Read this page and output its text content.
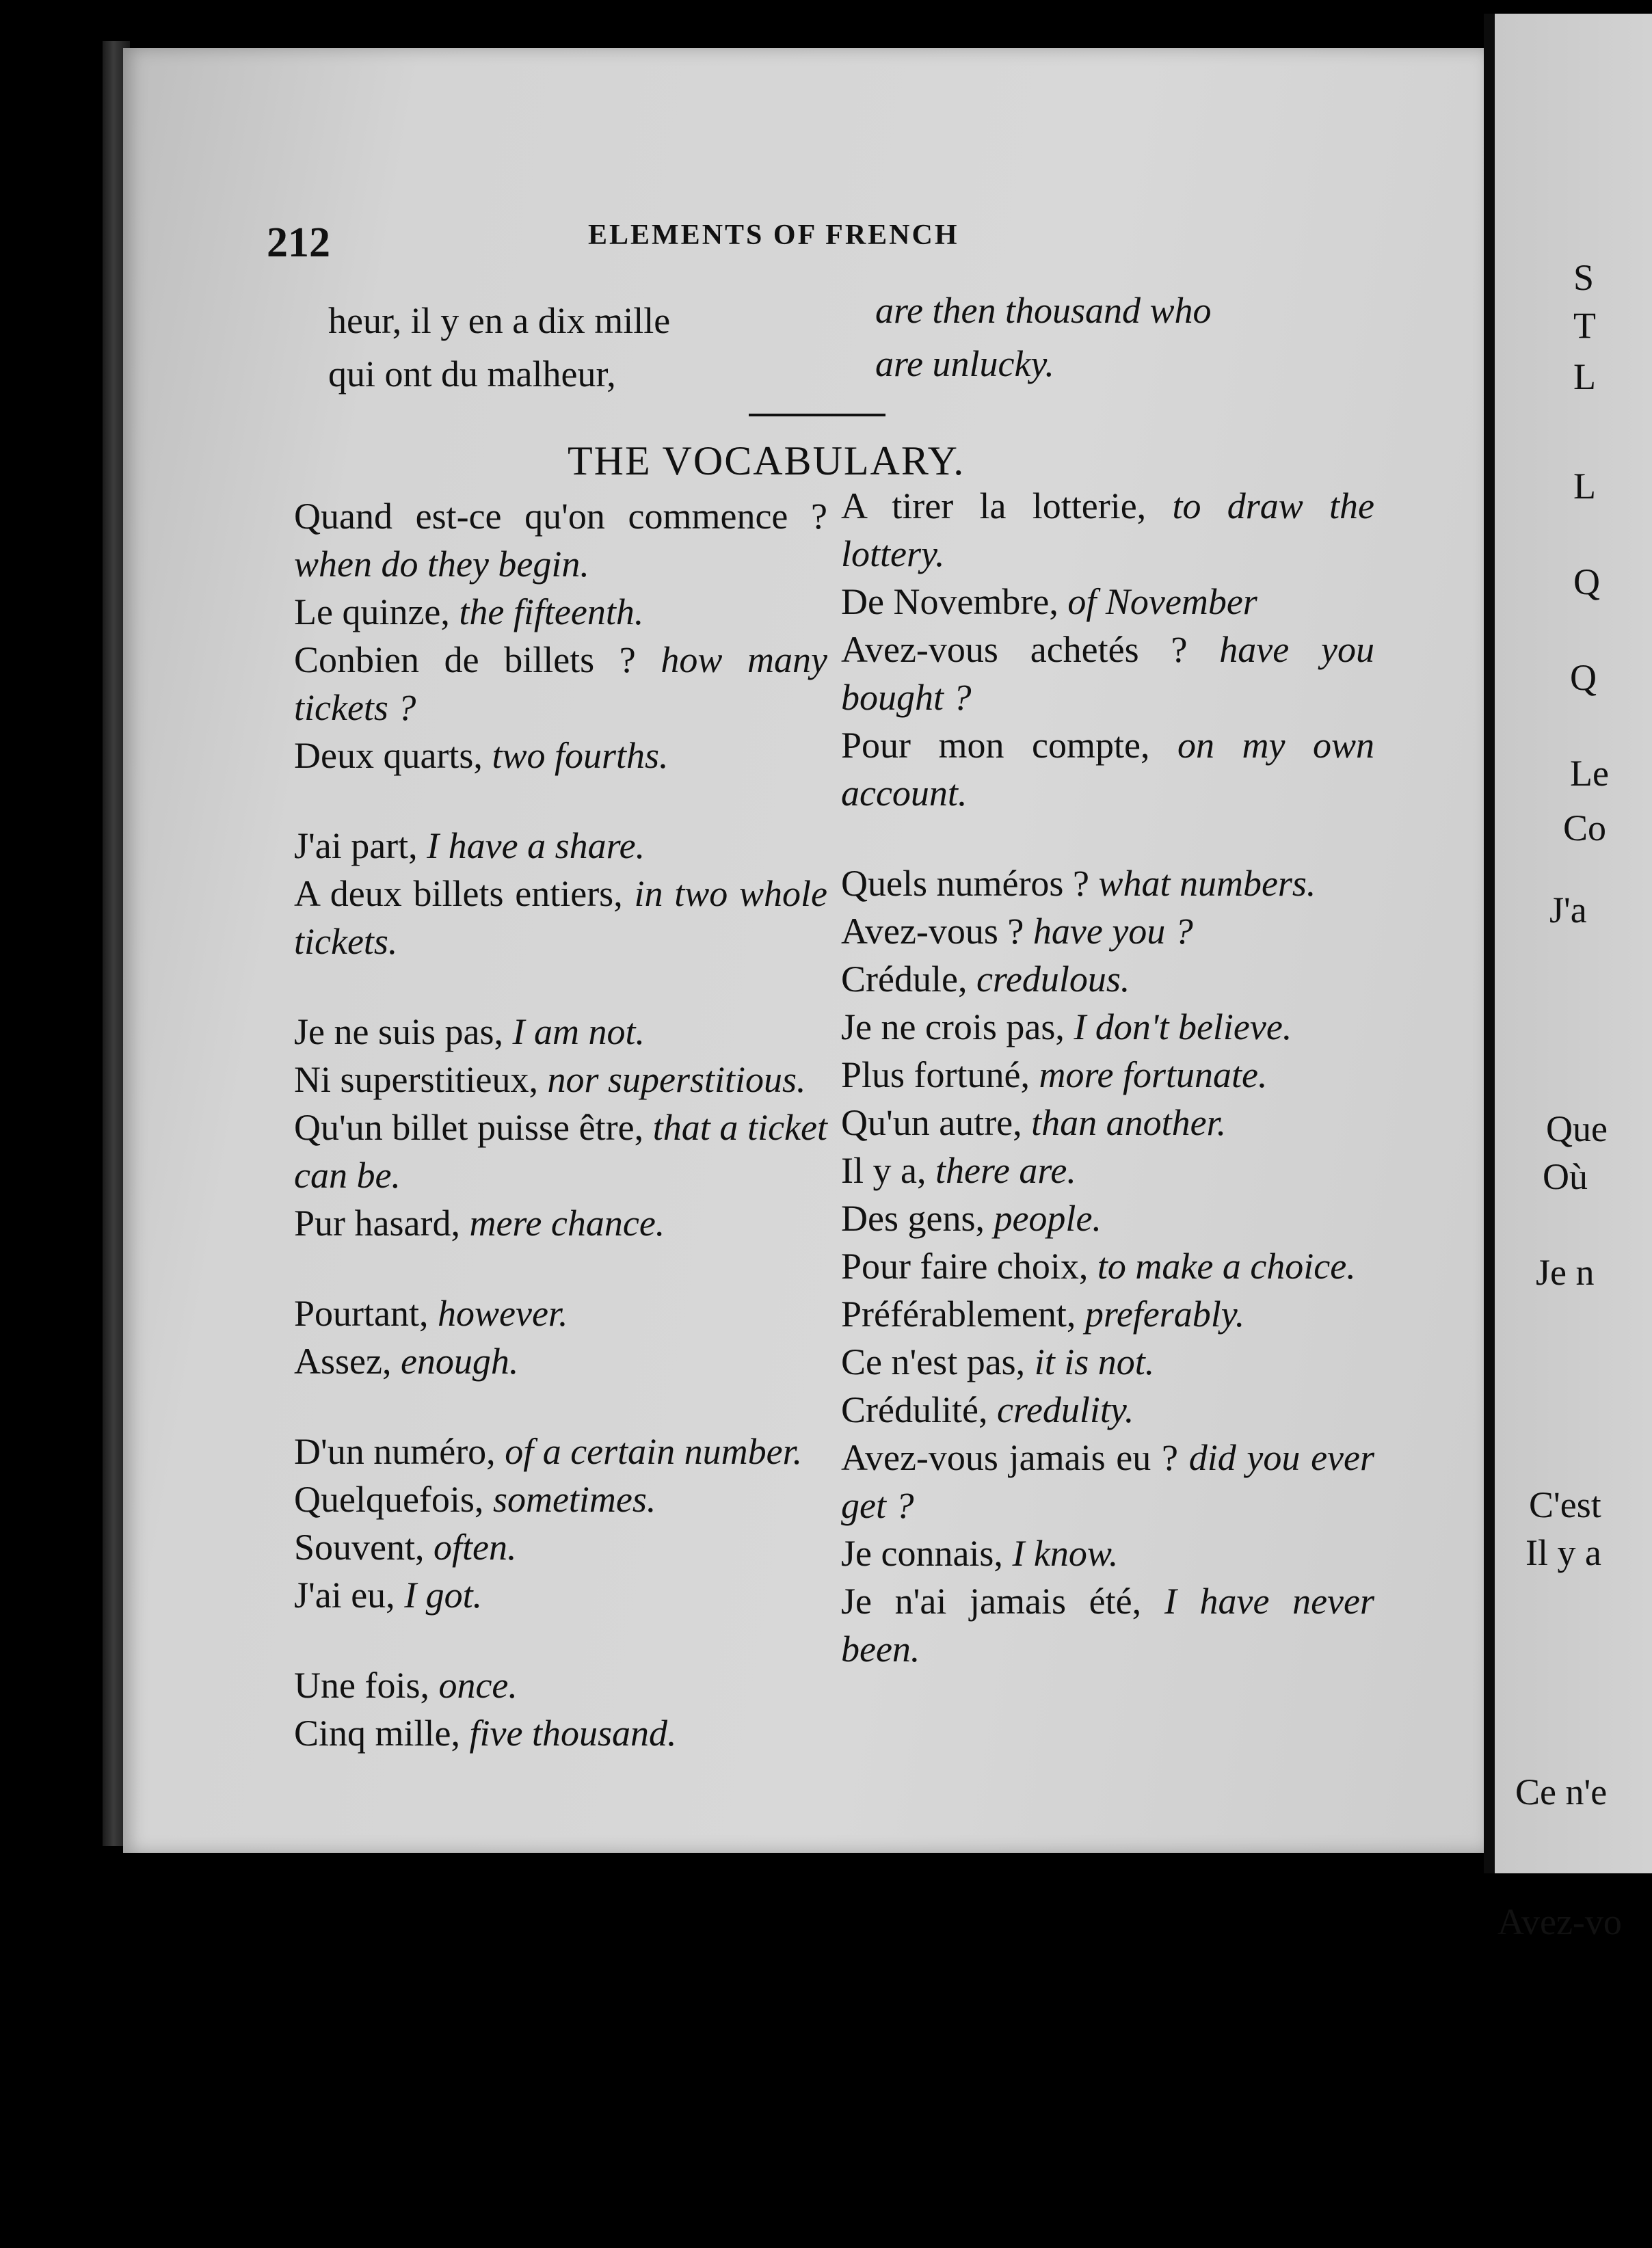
S
T
L
L
Q
Q
Le
Co
J'a
Que
Où
Je n
C'est
Il y a
Ce n'e
Avez-vo
212	ELEMENTS OF FRENCH
heur, il y en a dix mille
qui ont du malheur,
are then thousand who
are unlucky.
THE VOCABULARY.
Quand est-ce qu'on commence ? when do they begin.
Le quinze, the fifteenth.
Conbien de billets ? how many tickets ?
Deux quarts, two fourths.
J'ai part, I have a share.
A deux billets entiers, in two whole tickets.
Je ne suis pas, I am not.
Ni superstitieux, nor superstitious.
Qu'un billet puisse être, that a ticket can be.
Pur hasard, mere chance.
Pourtant, however.
Assez, enough.
D'un numéro, of a certain number.
Quelquefois, sometimes.
Souvent, often.
J'ai eu, I got.
Une fois, once.
Cinq mille, five thousand.
A tirer la lotterie, to draw the lottery.
De Novembre, of November
Avez-vous achetés ? have you bought ?
Pour mon compte, on my own account.
Quels numéros ? what numbers.
Avez-vous ? have you ?
Crédule, credulous.
Je ne crois pas, I don't believe.
Plus fortuné, more fortunate.
Qu'un autre, than another.
Il y a, there are.
Des gens, people.
Pour faire choix, to make a choice.
Préférablement, preferably.
Ce n'est pas, it is not.
Crédulité, credulity.
Avez-vous jamais eu ? did you ever get ?
Je connais, I know.
Je n'ai jamais été, I have never been.
